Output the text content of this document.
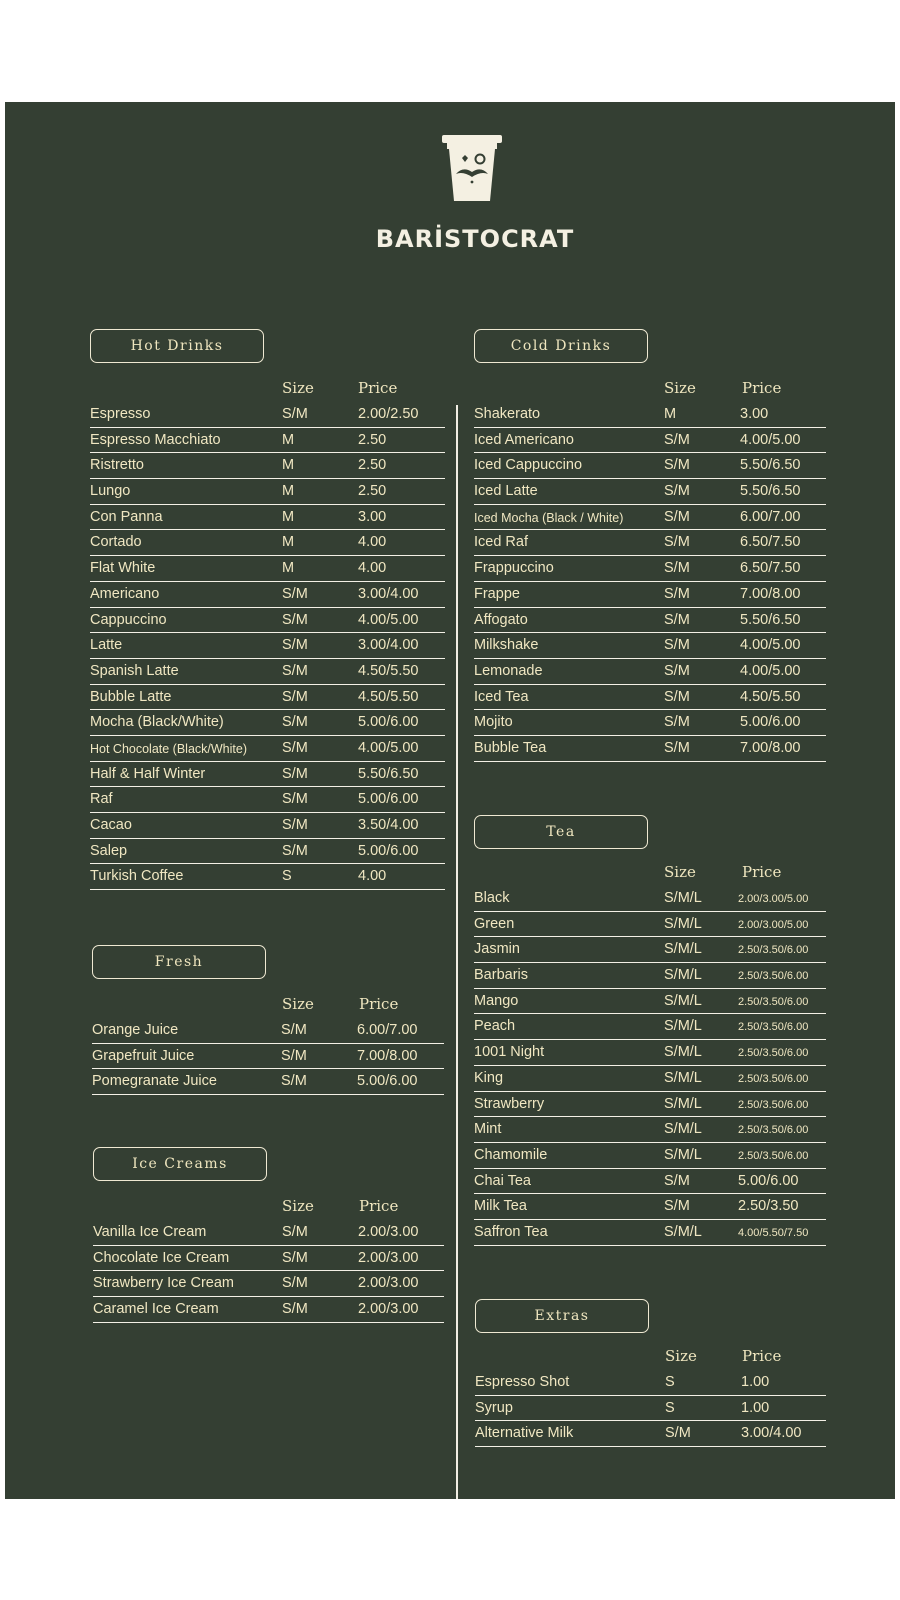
BARİSTOCRAT
Hot Drinks
Size	Price
Espresso	S/M	2.00/2.50
Espresso Macchiato	M	2.50
Ristretto	M	2.50
Lungo	M	2.50
Con Panna	M	3.00
Cortado	M	4.00
Flat White	M	4.00
Americano	S/M	3.00/4.00
Cappuccino	S/M	4.00/5.00
Latte	S/M	3.00/4.00
Spanish Latte	S/M	4.50/5.50
Bubble Latte	S/M	4.50/5.50
Mocha (Black/White)	S/M	5.00/6.00
Hot Chocolate (Black/White) S/M	4.00/5.00
Half & Half Winter	S/M	5.50/6.50
Raf	S/M	5.00/6.00
Cacao	S/M	3.50/4.00
Salep	S/M	5.00/6.00
Turkish Coffee	S	4.00
Fresh
Size	Price
Orange Juice	S/M	6.00/7.00
Grapefruit Juice	S/M	7.00/8.00
Pomegranate Juice	S/M	5.00/6.00
Ice Creams
Size	Price
Vanilla Ice Cream	S/M	2.00/3.00
Chocolate Ice Cream	S/M	2.00/3.00
Strawberry Ice Cream	S/M	2.00/3.00
Caramel Ice Cream	S/M	2.00/3.00
Cold Drinks
Size	Price
Shakerato	M	3.00
Iced Americano	S/M	4.00/5.00
Iced Cappuccino	S/M	5.50/6.50
Iced Latte	S/M	5.50/6.50
Iced Mocha (Black / White)	S/M	6.00/7.00
Iced Raf	S/M	6.50/7.50
Frappuccino	S/M	6.50/7.50
Frappe	S/M	7.00/8.00
Affogato	S/M	5.50/6.50
Milkshake	S/M	4.00/5.00
Lemonade	S/M	4.00/5.00
Iced Tea	S/M	4.50/5.50
Mojito	S/M	5.00/6.00
Bubble Tea	S/M	7.00/8.00
Tea
Size	Price
Black	S/M/L	2.00/3.00/5.00
Green	S/M/L	2.00/3.00/5.00
Jasmin	S/M/L	2.50/3.50/6.00
Barbaris	S/M/L	2.50/3.50/6.00
Mango	S/M/L	2.50/3.50/6.00
Peach	S/M/L	2.50/3.50/6.00
1001 Night	S/M/L	2.50/3.50/6.00
King	S/M/L	2.50/3.50/6.00
Strawberry	S/M/L	2.50/3.50/6.00
Mint	S/M/L	2.50/3.50/6.00
Chamomile	S/M/L	2.50/3.50/6.00
Chai Tea	S/M	5.00/6.00
Milk Tea	S/M	2.50/3.50
Saffron Tea	S/M/L	4.00/5.50/7.50
Extras
Size	Price
Espresso Shot	S	1.00
Syrup	S	1.00
Alternative Milk	S/M	3.00/4.00
